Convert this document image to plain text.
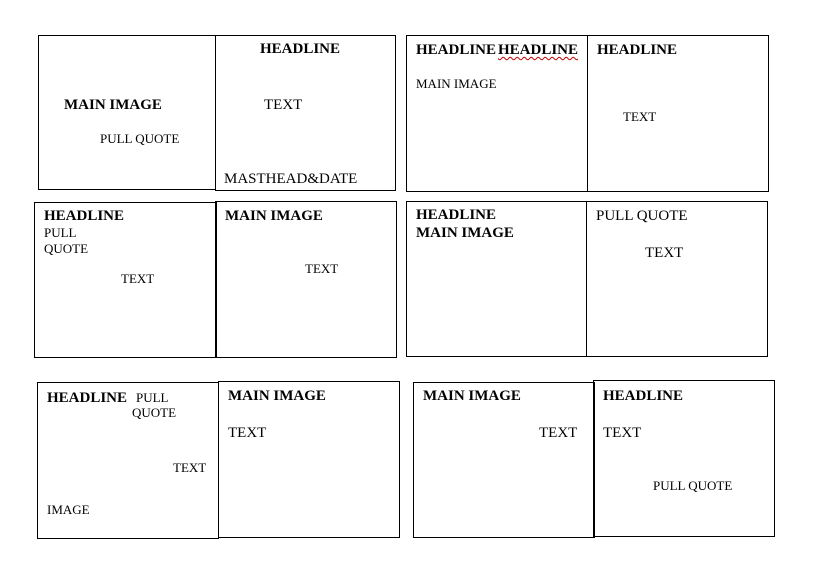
MAIN IMAGE
PULL QUOTE
HEADLINE
TEXT
MASTHEAD&DATE
HEADLINE HEADLINE
MAIN IMAGE
HEADLINE
TEXT
HEADLINE
PULL
QUOTE
TEXT
MAIN IMAGE
TEXT
HEADLINE
MAIN IMAGE
PULL QUOTE
TEXT
HEADLINE PULL
QUOTE
TEXT
IMAGE
MAIN IMAGE
TEXT
MAIN IMAGE
TEXT
HEADLINE
TEXT
PULL QUOTE
